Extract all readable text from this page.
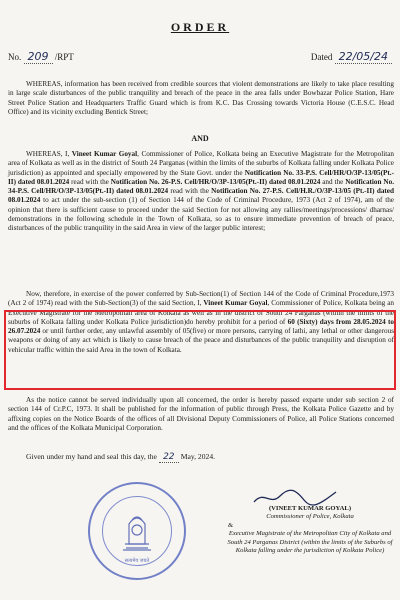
ORDER
No. 209 /RPT	Dated 22/05/24
WHEREAS, information has been received from credible sources that violent demonstrations are likely to take place resulting in large scale disturbances of the public tranquility and breach of the peace in the area falls under Bowbazar Police Station, Hare Street Police Station and Headquarters Traffic Guard which is from K.C. Das Crossing towards Victoria House (C.E.S.C. Head Office) and its vicinity excluding Bentick Street;
AND
WHEREAS, I, Vineet Kumar Goyal, Commissioner of Police, Kolkata being an Executive Magistrate for the Metropolitan area of Kolkata as well as in the district of South 24 Parganas (within the limits of the suburbs of Kolkata falling under Kolkata Police jurisdiction) as appointed and specially empowered by the State Govt. under the Notification No. 33-P.S. Cell/HR/O/3P-13/05(Pt.-II) dated 08.01.2024 read with the Notification No. 26-P.S. Cell/HR/O/3P-13/05(Pt.-II) dated 08.01.2024 and the Notification No. 34-P.S. Cell/HR/O/3P-13/05(Pt.-II) dated 08.01.2024 read with the Notification No. 27-P.S. Cell/H.R./O/3P-13/05 (Pt.-II) dated 08.01.2024 to act under the sub-section (1) of Section 144 of the Code of Criminal Procedure, 1973 (Act 2 of 1974), am of the opinion that there is sufficient cause to proceed under the said Section for not allowing any rallies/meetings/processions/ dharnas/ demonstrations in the following schedule in the Town of Kolkata, so as to ensure immediate prevention of breach of peace, disturbances of the public tranquility in the said Area in view of the larger public interest;
Now, therefore, in exercise of the power conferred by Sub-Section(1) of Section 144 of the Code of Criminal Procedure,1973 (Act 2 of 1974) read with the Sub-Section(3) of the said Section, I, Vineet Kumar Goyal, Commissioner of Police, Kolkata being an Executive Magistrate for the Metropolitan area of Kolkata as well as in the district of South 24 Parganas (within the limits of the suburbs of Kolkata falling under Kolkata Police jurisdiction)do hereby prohibit for a period of 60 (Sixty) days from 28.05.2024 to 26.07.2024 or until further order, any unlawful assembly of 05(five) or more persons, carrying of lathi, any lethal or other dangerous weapons or doing of any act which is likely to cause breach of the peace and disturbances of the public tranquility and disruption of vehicular traffic within the said Area in the town of Kolkata.
As the notice cannot be served individually upon all concerned, the order is hereby passed exparte under sub section 2 of section 144 of Cr.P.C, 1973. It shall be published for the information of public through Press, the Kolkata Police Gazette and by affixing copies on the Notice Boards of the offices of all Divisional Deputy Commissioners of Police, all Police Stations concerned and the offices of the Kolkata Municipal Corporation.
Given under my hand and seal this day, the 22 May, 2024.
सत्यमेव जयते
(VINEET KUMAR GOYAL)
Commissioner of Police, Kolkata
&
Executive Magistrate of the Metropolitan City of Kolkata and South 24 Parganas District (within the limits of the Suburbs of Kolkata falling under the jurisdiction of Kolkata Police)
